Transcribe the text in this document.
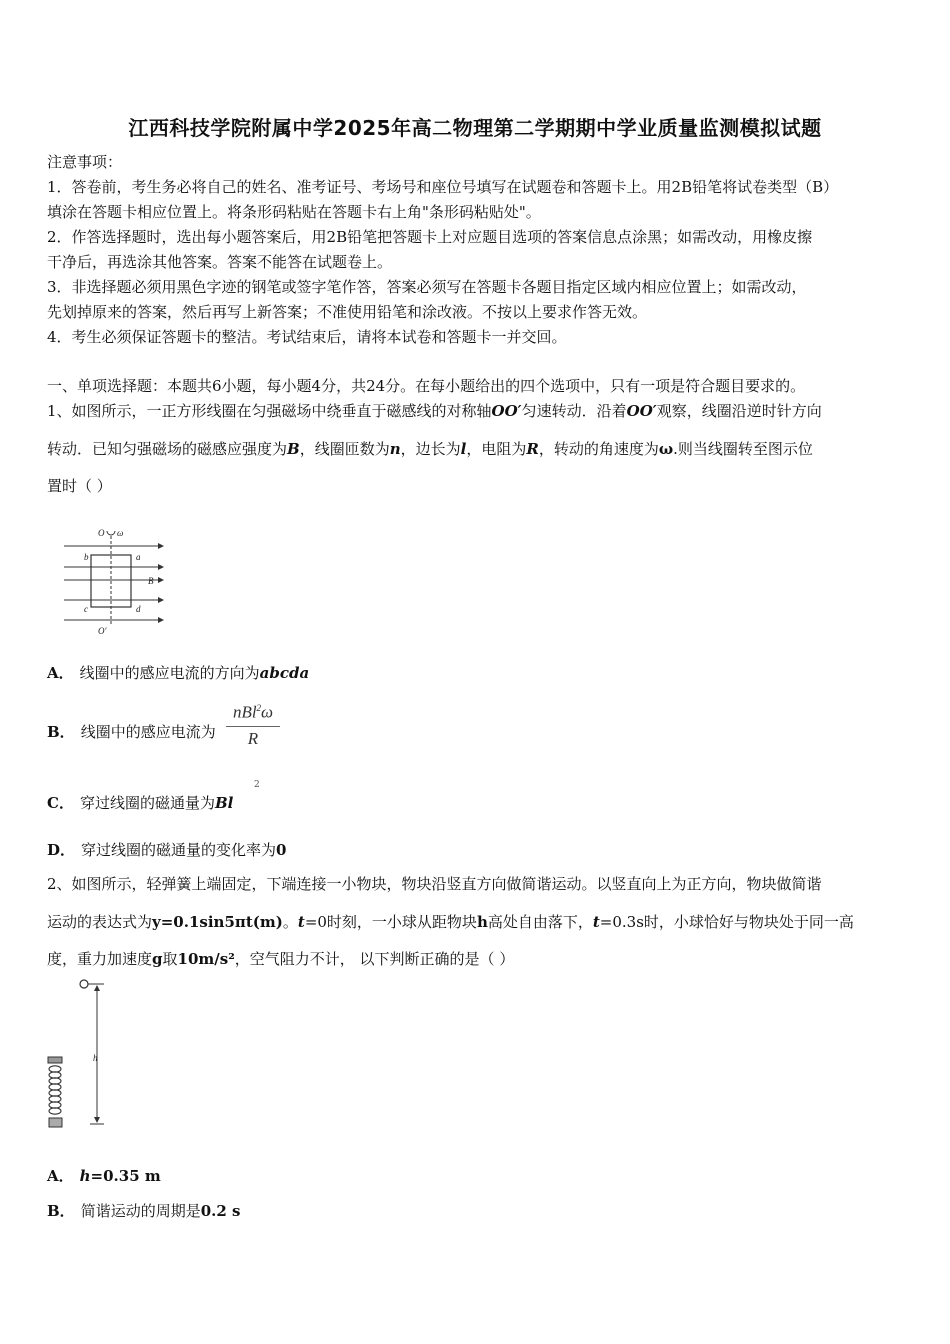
江西科技学院附属中学2025年高二物理第二学期期中学业质量监测模拟试题
注意事项：
1．答卷前，考生务必将自己的姓名、准考证号、考场号和座位号填写在试题卷和答题卡上。用2B铅笔将试卷类型（B）
填涂在答题卡相应位置上。将条形码粘贴在答题卡右上角"条形码粘贴处"。
2．作答选择题时，选出每小题答案后，用2B铅笔把答题卡上对应题目选项的答案信息点涂黑；如需改动，用橡皮擦
干净后，再选涂其他答案。答案不能答在试题卷上。
3．非选择题必须用黑色字迹的钢笔或签字笔作答，答案必须写在答题卡各题目指定区域内相应位置上；如需改动，
先划掉原来的答案，然后再写上新答案；不准使用铅笔和涂改液。不按以上要求作答无效。
4．考生必须保证答题卡的整洁。考试结束后，请将本试卷和答题卡一并交回。
一、单项选择题：本题共6小题，每小题4分，共24分。在每小题给出的四个选项中，只有一项是符合题目要求的。
1、如图所示，一正方形线圈在匀强磁场中绕垂直于磁感线的对称轴OO′匀速转动．沿着OO′观察，线圈沿逆时针方向
转动．已知匀强磁场的磁感应强度为B，线圈匝数为n，边长为l，电阻为R，转动的角速度为ω.则当线圈转至图示位
置时（ ）
O ω
b	a
B
c	d
O′
A． 线圈中的感应电流的方向为abcda
B． 线圈中的感应电流为
nBl$^2$ω
R
C． 穿过线圈的磁通量为Bl
2
D． 穿过线圈的磁通量的变化率为0
2、如图所示，轻弹簧上端固定，下端连接一小物块，物块沿竖直方向做简谐运动。以竖直向上为正方向，物块做简谐
运动的表达式为y=0.1sin5πt(m)。t=0时刻，一小球从距物块h高处自由落下，t=0.3s时，小球恰好与物块处于同一高
度，重力加速度g取10m/s²，空气阻力不计， 以下判断正确的是（ ）
h
A． h=0.35 m
B． 简谐运动的周期是0.2 s
